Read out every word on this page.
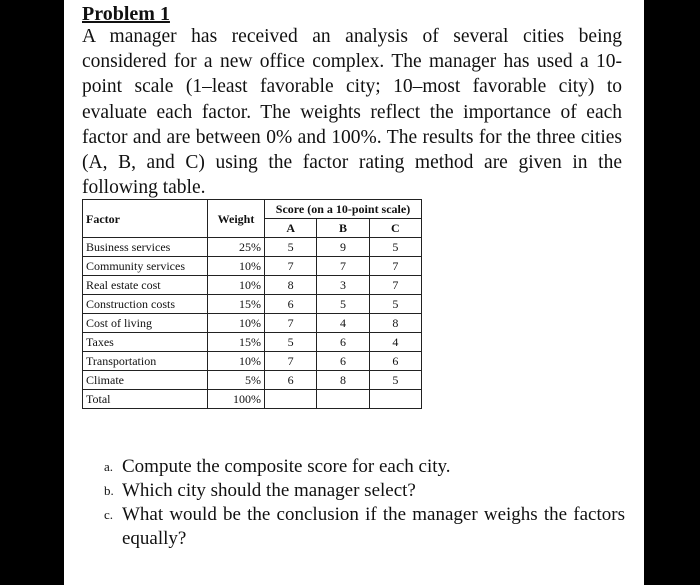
Problem 1

A manager has received an analysis of several cities being considered for a new office complex. The manager has used a 10-point scale (1–least favorable city; 10–most favorable city) to evaluate each factor. The weights reflect the importance of each factor and are between 0% and 100%. The results for the three cities (A, B, and C) using the factor rating method are given in the following table.

Factor	Weight	Score (on a 10-point scale)		
		A	B	C
Business services	25%	5	9	5
Community services	10%	7	7	7
Real estate cost	10%	8	3	7
Construction costs	15%	6	5	5
Cost of living	10%	7	4	8
Taxes	15%	5	6	4
Transportation	10%	7	6	6
Climate	5%	6	8	5
Total	100%			
a. Compute the composite score for each city.
b. Which city should the manager select?
c. What would be the conclusion if the manager weighs the factors equally?
